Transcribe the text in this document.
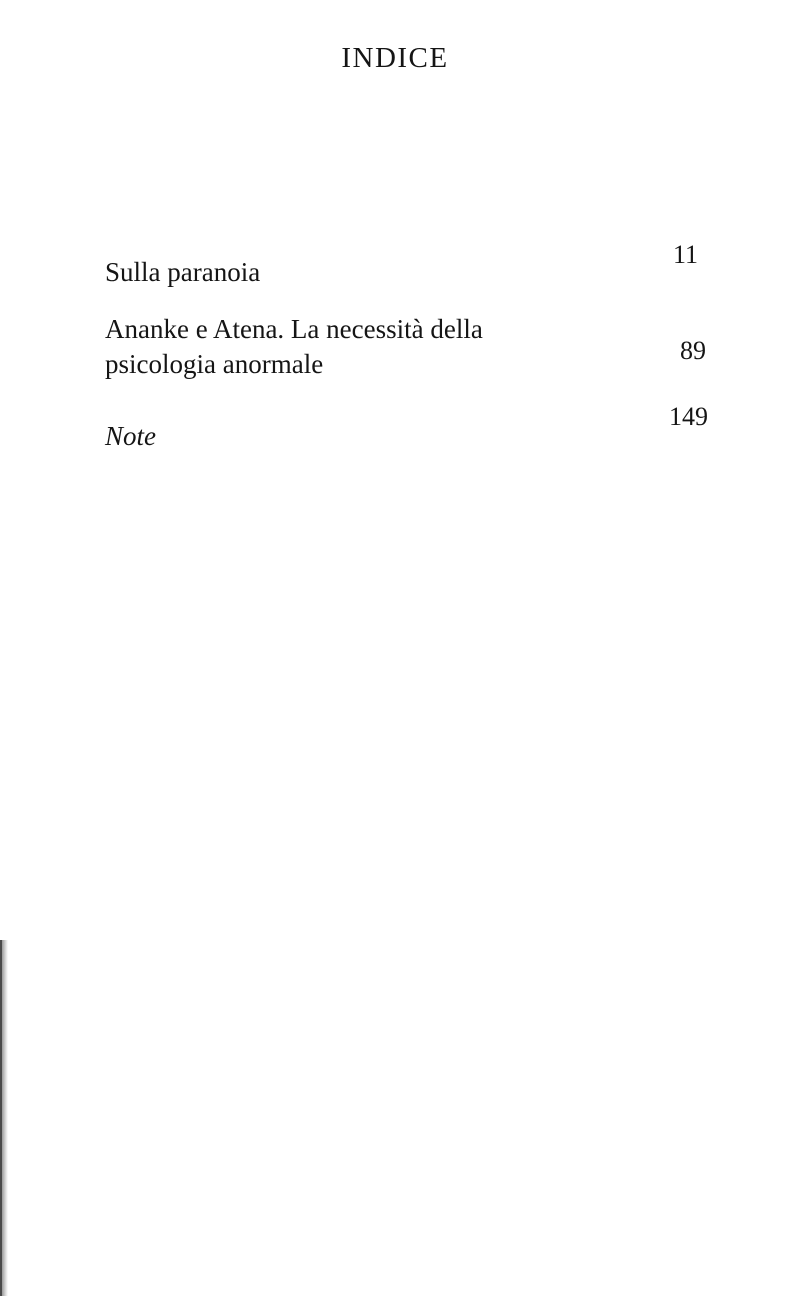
INDICE
Sulla paranoia
11
Ananke e Atena. La necessità della
psicologia anormale	89
Note
149
